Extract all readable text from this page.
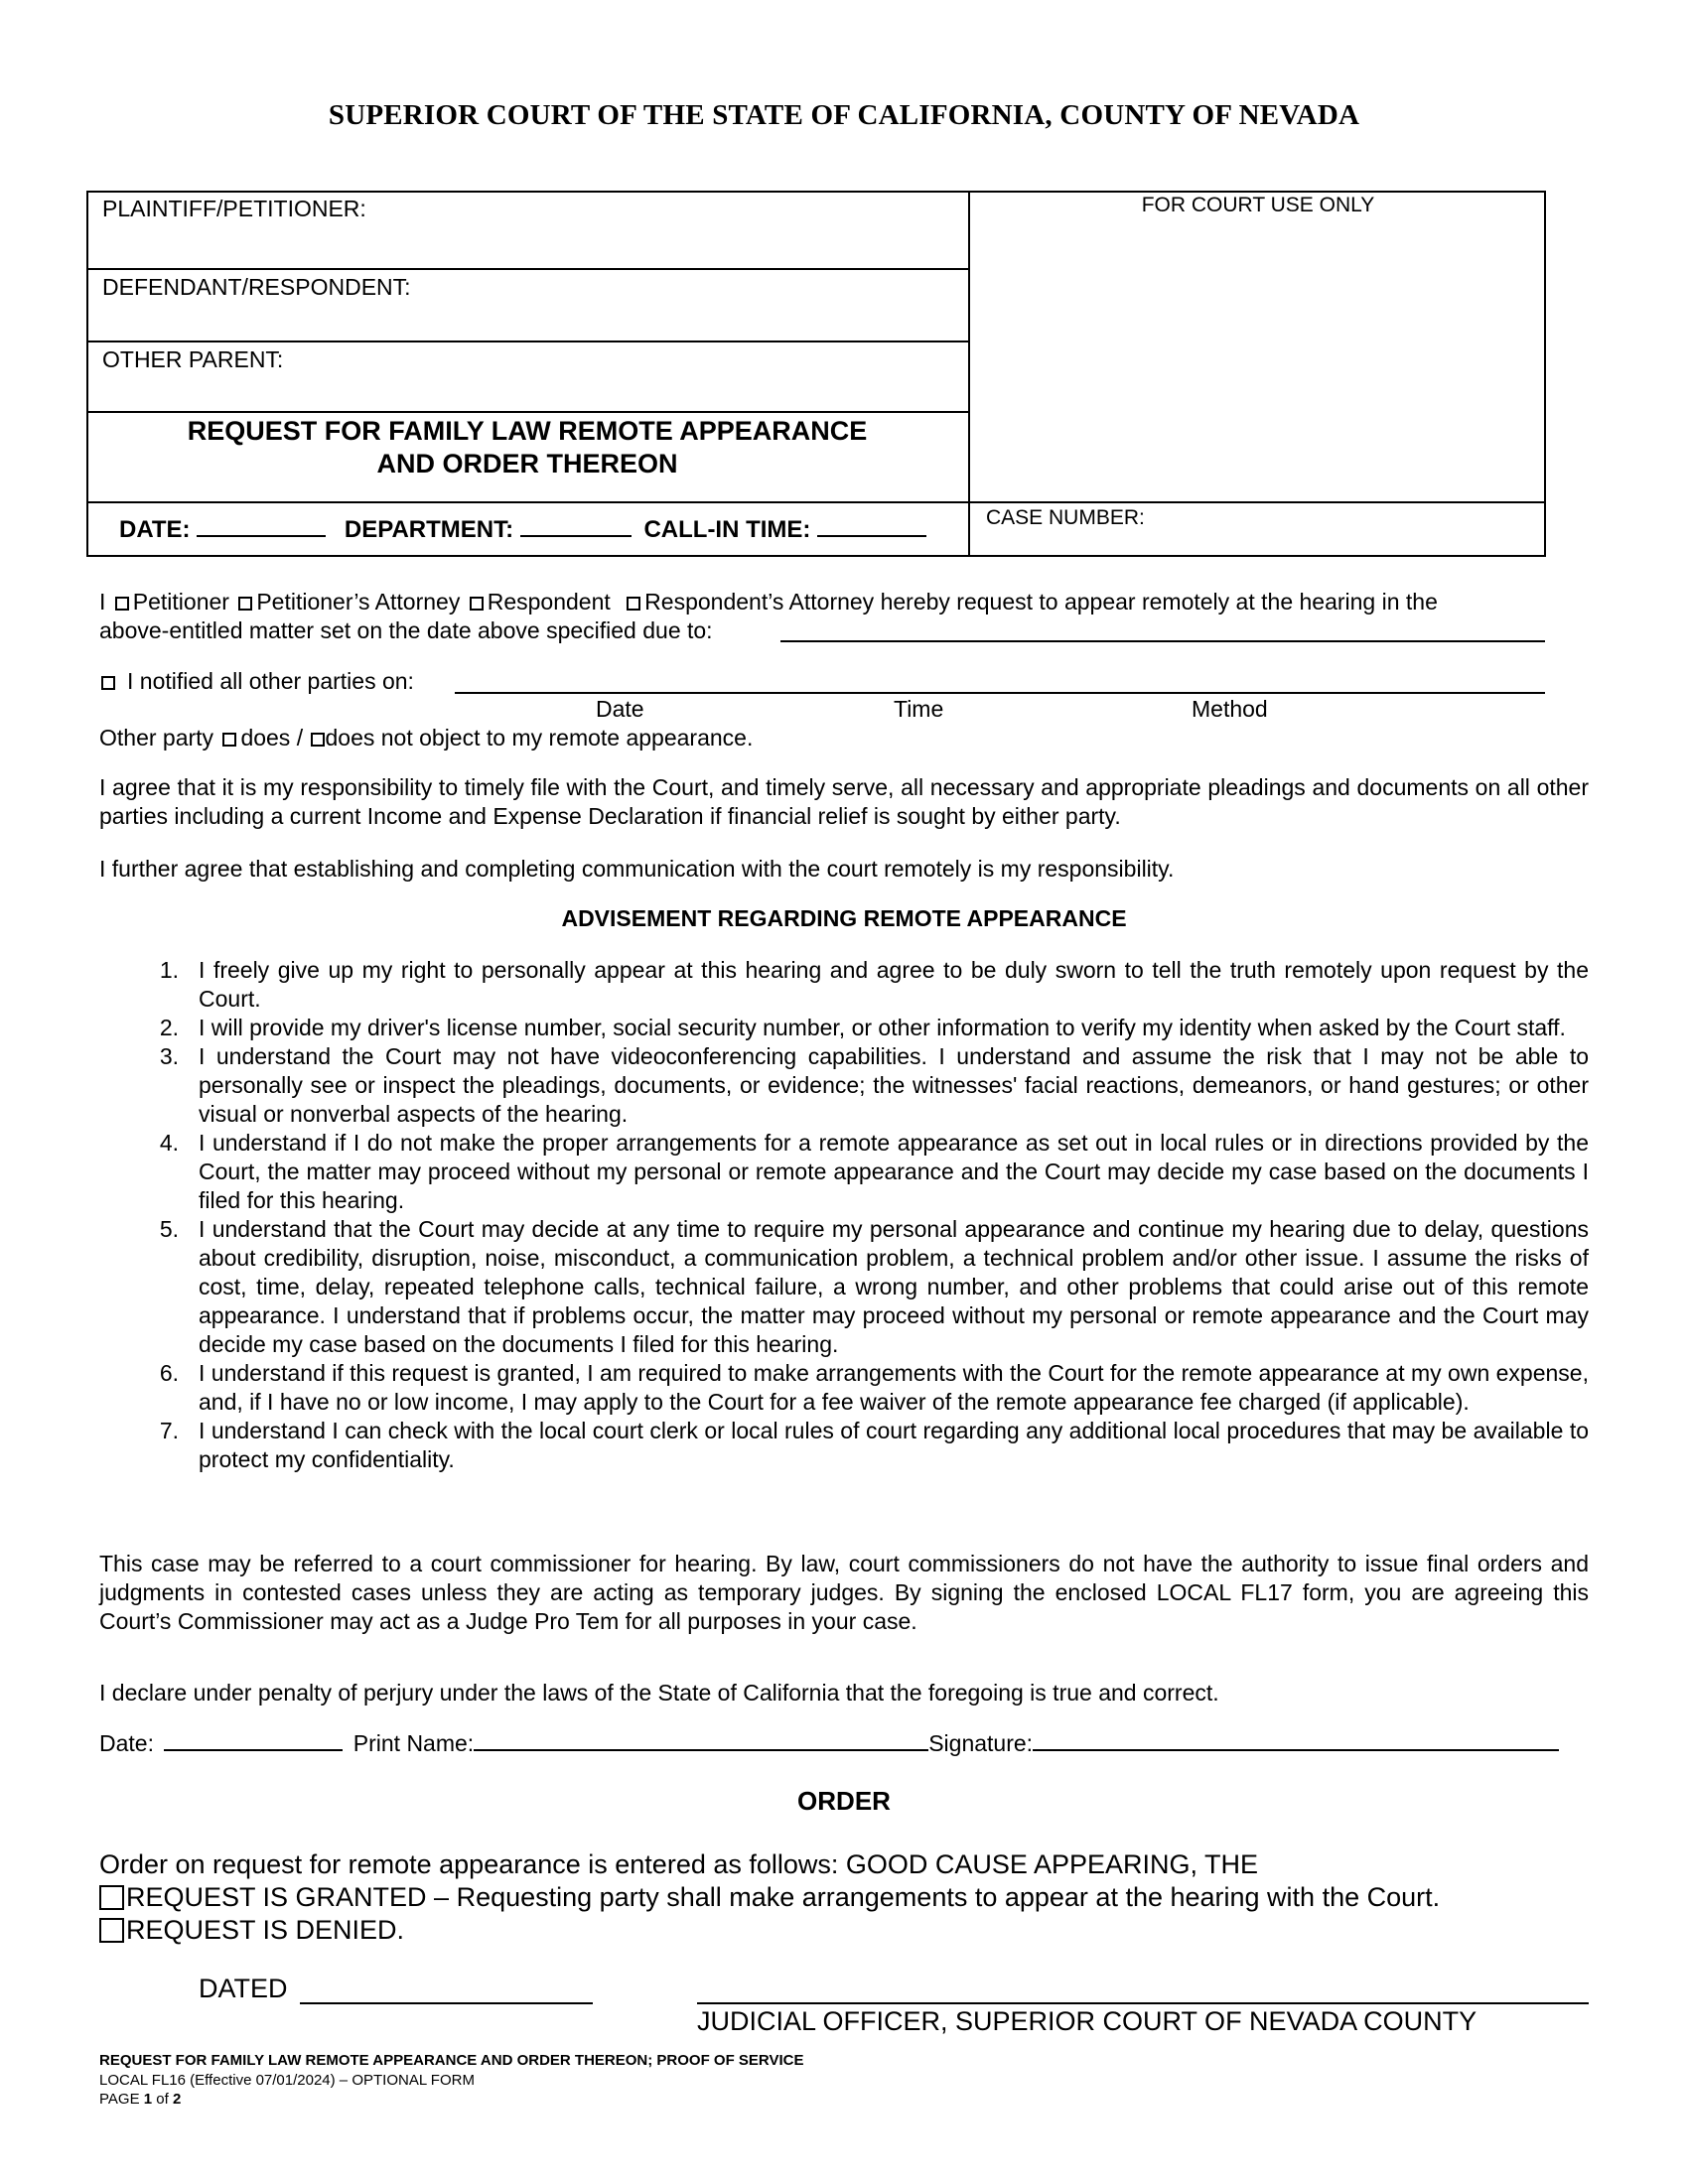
SUPERIOR COURT OF THE STATE OF CALIFORNIA, COUNTY OF NEVADA
PLAINTIFF/PETITIONER:
DEFENDANT/RESPONDENT:
OTHER PARENT:
REQUEST FOR FAMILY LAW REMOTE APPEARANCE
AND ORDER THEREON
DATE:	DEPARTMENT:	CALL-IN TIME:
FOR COURT USE ONLY
CASE NUMBER:
I Petitioner Petitioner’s Attorney Respondent Respondent’s Attorney hereby request to appear remotely at the hearing in the
above-entitled matter set on the date above specified due to:
I notified all other parties on:
Date	Time	Method
Other party does / does not object to my remote appearance.
I agree that it is my responsibility to timely file with the Court, and timely serve, all necessary and appropriate pleadings and documents on all other parties including a current Income and Expense Declaration if financial relief is sought by either party.
I further agree that establishing and completing communication with the court remotely is my responsibility.
ADVISEMENT REGARDING REMOTE APPEARANCE
1. I freely give up my right to personally appear at this hearing and agree to be duly sworn to tell the truth remotely upon request by the Court.
2. I will provide my driver's license number, social security number, or other information to verify my identity when asked by the Court staff.
3. I understand the Court may not have videoconferencing capabilities. I understand and assume the risk that I may not be able to personally see or inspect the pleadings, documents, or evidence; the witnesses' facial reactions, demeanors, or hand gestures; or other visual or nonverbal aspects of the hearing.
4. I understand if I do not make the proper arrangements for a remote appearance as set out in local rules or in directions provided by the Court, the matter may proceed without my personal or remote appearance and the Court may decide my case based on the documents I filed for this hearing.
5. I understand that the Court may decide at any time to require my personal appearance and continue my hearing due to delay, questions about credibility, disruption, noise, misconduct, a communication problem, a technical problem and/or other issue. I assume the risks of cost, time, delay, repeated telephone calls, technical failure, a wrong number, and other problems that could arise out of this remote appearance. I understand that if problems occur, the matter may proceed without my personal or remote appearance and the Court may decide my case based on the documents I filed for this hearing.
6. I understand if this request is granted, I am required to make arrangements with the Court for the remote appearance at my own expense, and, if I have no or low income, I may apply to the Court for a fee waiver of the remote appearance fee charged (if applicable).
7. I understand I can check with the local court clerk or local rules of court regarding any additional local procedures that may be available to protect my confidentiality.
This case may be referred to a court commissioner for hearing. By law, court commissioners do not have the authority to issue final orders and judgments in contested cases unless they are acting as temporary judges. By signing the enclosed LOCAL FL17 form, you are agreeing this Court’s Commissioner may act as a Judge Pro Tem for all purposes in your case.
I declare under penalty of perjury under the laws of the State of California that the foregoing is true and correct.
Date:	Print Name:	Signature:
ORDER
Order on request for remote appearance is entered as follows: GOOD CAUSE APPEARING, THE
REQUEST IS GRANTED – Requesting party shall make arrangements to appear at the hearing with the Court.
REQUEST IS DENIED.
DATED
JUDICIAL OFFICER, SUPERIOR COURT OF NEVADA COUNTY
REQUEST FOR FAMILY LAW REMOTE APPEARANCE AND ORDER THEREON; PROOF OF SERVICE
LOCAL FL16 (Effective 07/01/2024) – OPTIONAL FORM
PAGE 1 of 2
